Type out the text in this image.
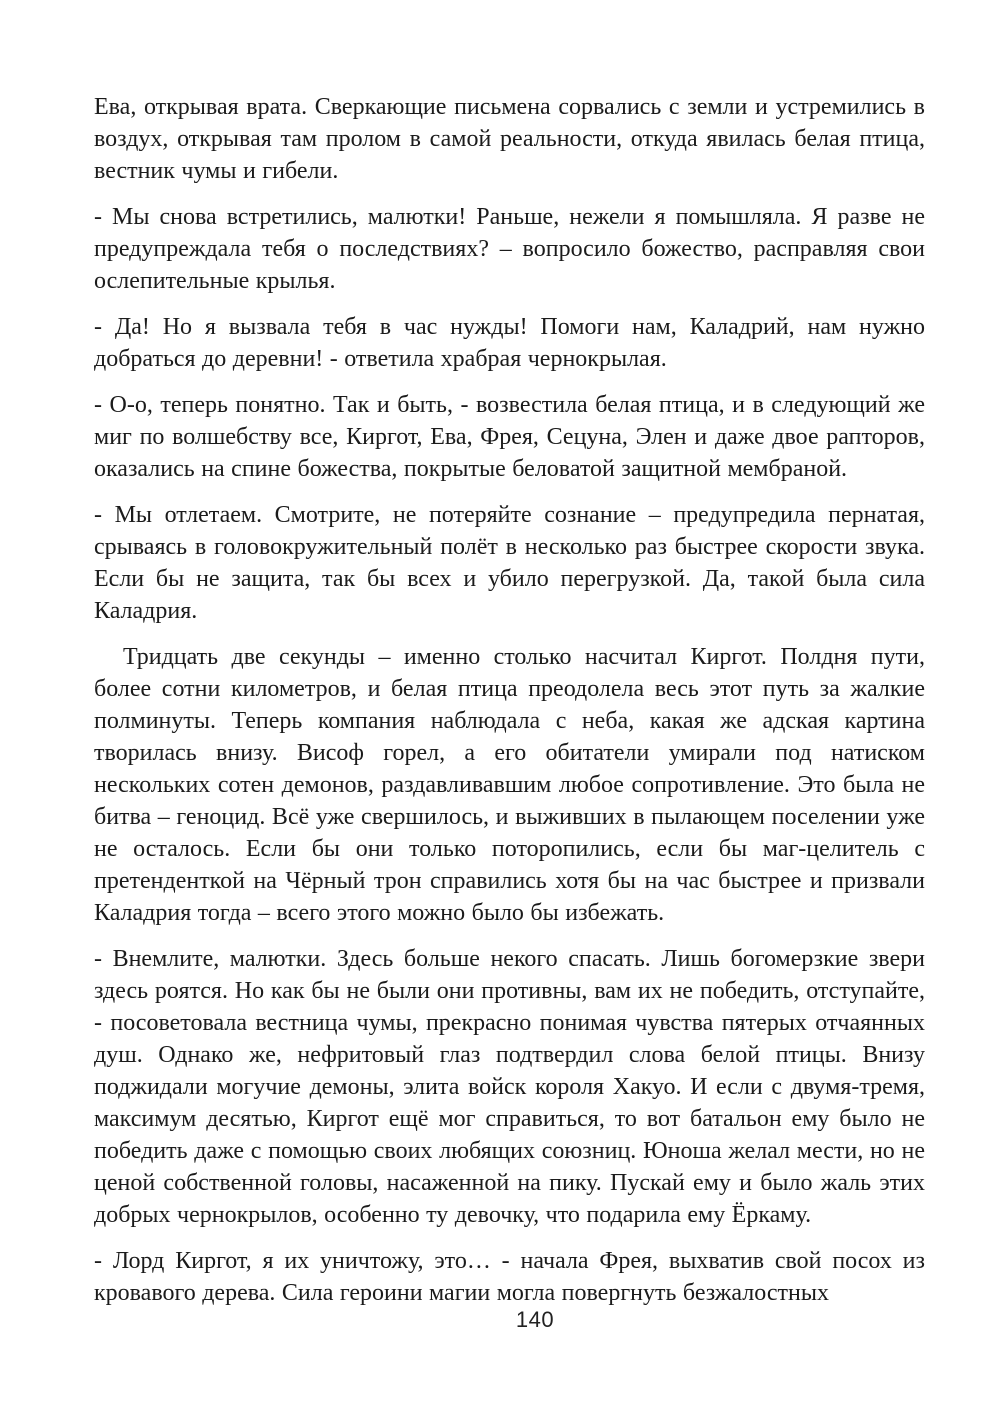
Ева, открывая врата. Сверкающие письмена сорвались с земли и устремились в воздух, открывая там пролом в самой реальности, откуда явилась белая птица, вестник чумы и гибели.

- Мы снова встретились, малютки! Раньше, нежели я помышляла. Я разве не предупреждала тебя о последствиях? – вопросило божество, расправляя свои ослепительные крылья.

- Да! Но я вызвала тебя в час нужды! Помоги нам, Каладрий, нам нужно добраться до деревни! - ответила храбрая чернокрылая.

- О-о, теперь понятно. Так и быть, - возвестила белая птица, и в следующий же миг по волшебству все, Киргот, Ева, Фрея, Сецуна, Элен и даже двое рапторов, оказались на спине божества, покрытые беловатой защитной мембраной.

- Мы отлетаем. Смотрите, не потеряйте сознание – предупредила пернатая, срываясь в головокружительный полёт в несколько раз быстрее скорости звука. Если бы не защита, так бы всех и убило перегрузкой. Да, такой была сила Каладрия.

Тридцать две секунды – именно столько насчитал Киргот. Полдня пути, более сотни километров, и белая птица преодолела весь этот путь за жалкие полминуты. Теперь компания наблюдала с неба, какая же адская картина творилась внизу. Висоф горел, а его обитатели умирали под натиском нескольких сотен демонов, раздавливавшим любое сопротивление. Это была не битва – геноцид. Всё уже свершилось, и выживших в пылающем поселении уже не осталось. Если бы они только поторопились, если бы маг-целитель с претенденткой на Чёрный трон справились хотя бы на час быстрее и призвали Каладрия тогда – всего этого можно было бы избежать.

- Внемлите, малютки. Здесь больше некого спасать. Лишь богомерзкие звери здесь роятся. Но как бы не были они противны, вам их не победить, отступайте, - посоветовала вестница чумы, прекрасно понимая чувства пятерых отчаянных душ. Однако же, нефритовый глаз подтвердил слова белой птицы. Внизу поджидали могучие демоны, элита войск короля Хакуо. И если с двумя-тремя, максимум десятью, Киргот ещё мог справиться, то вот батальон ему было не победить даже с помощью своих любящих союзниц. Юноша желал мести, но не ценой собственной головы, насаженной на пику. Пускай ему и было жаль этих добрых чернокрылов, особенно ту девочку, что подарила ему Ёркаму.

- Лорд Киргот, я их уничтожу, это… - начала Фрея, выхватив свой посох из кровавого дерева. Сила героини магии могла повергнуть безжалостных

140
